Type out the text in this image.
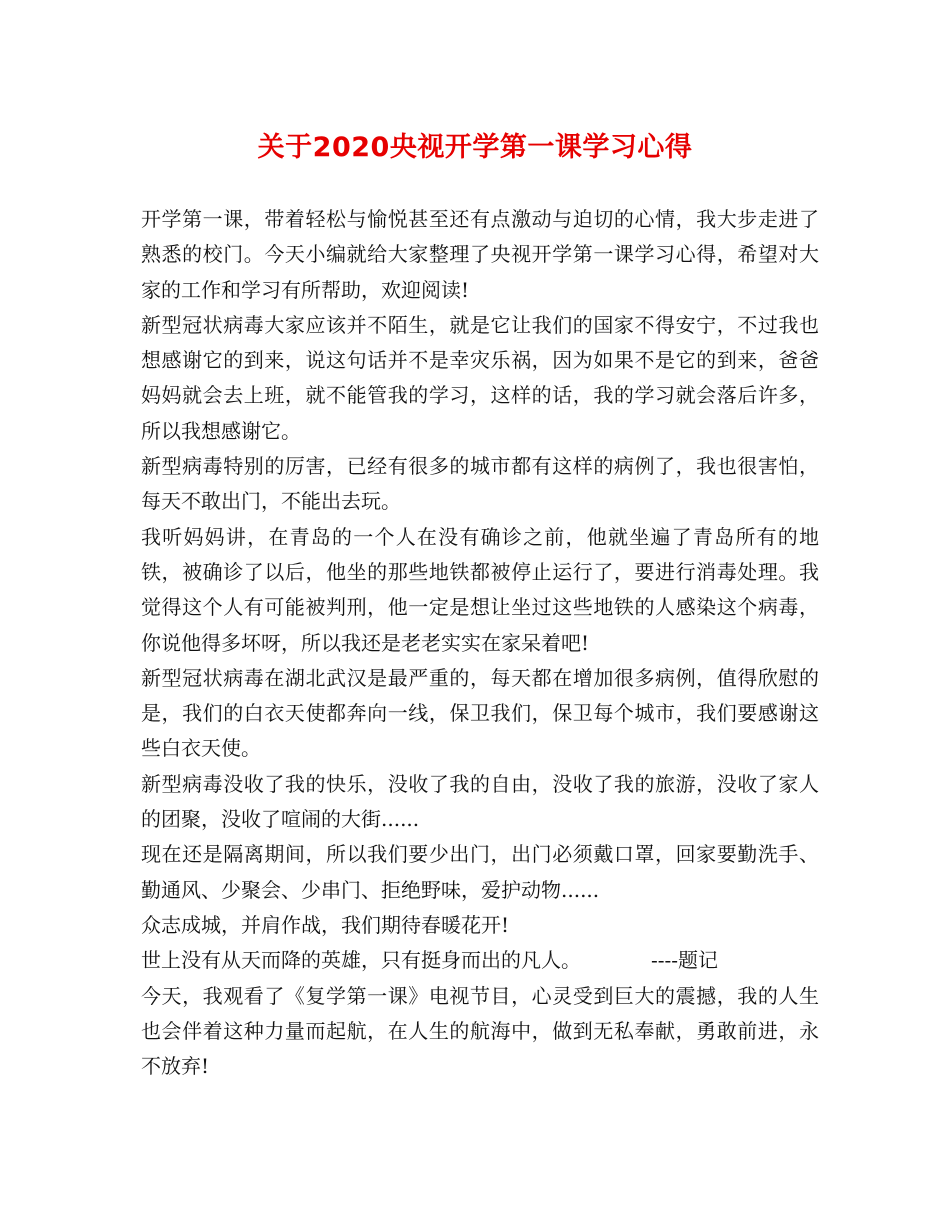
关于2020央视开学第一课学习心得

开学第一课，带着轻松与愉悦甚至还有点激动与迫切的心情，我大步走进了熟悉的校门。今天小编就给大家整理了央视开学第一课学习心得，希望对大家的工作和学习有所帮助，欢迎阅读!

新型冠状病毒大家应该并不陌生，就是它让我们的国家不得安宁，不过我也想感谢它的到来，说这句话并不是幸灾乐祸，因为如果不是它的到来，爸爸妈妈就会去上班，就不能管我的学习，这样的话，我的学习就会落后许多，所以我想感谢它。

新型病毒特别的厉害，已经有很多的城市都有这样的病例了，我也很害怕，每天不敢出门，不能出去玩。

我听妈妈讲，在青岛的一个人在没有确诊之前，他就坐遍了青岛所有的地铁，被确诊了以后，他坐的那些地铁都被停止运行了，要进行消毒处理。我觉得这个人有可能被判刑，他一定是想让坐过这些地铁的人感染这个病毒，你说他得多坏呀，所以我还是老老实实在家呆着吧!

新型冠状病毒在湖北武汉是最严重的，每天都在增加很多病例，值得欣慰的是，我们的白衣天使都奔向一线，保卫我们，保卫每个城市，我们要感谢这些白衣天使。

新型病毒没收了我的快乐，没收了我的自由，没收了我的旅游，没收了家人的团聚，没收了喧闹的大街......

现在还是隔离期间，所以我们要少出门，出门必须戴口罩，回家要勤洗手、勤通风、少聚会、少串门、拒绝野味，爱护动物......

众志成城，并肩作战，我们期待春暖花开!

世上没有从天而降的英雄，只有挺身而出的凡人。	----题记

今天，我观看了《复学第一课》电视节目，心灵受到巨大的震撼，我的人生也会伴着这种力量而起航，在人生的航海中，做到无私奉献，勇敢前进，永不放弃!
